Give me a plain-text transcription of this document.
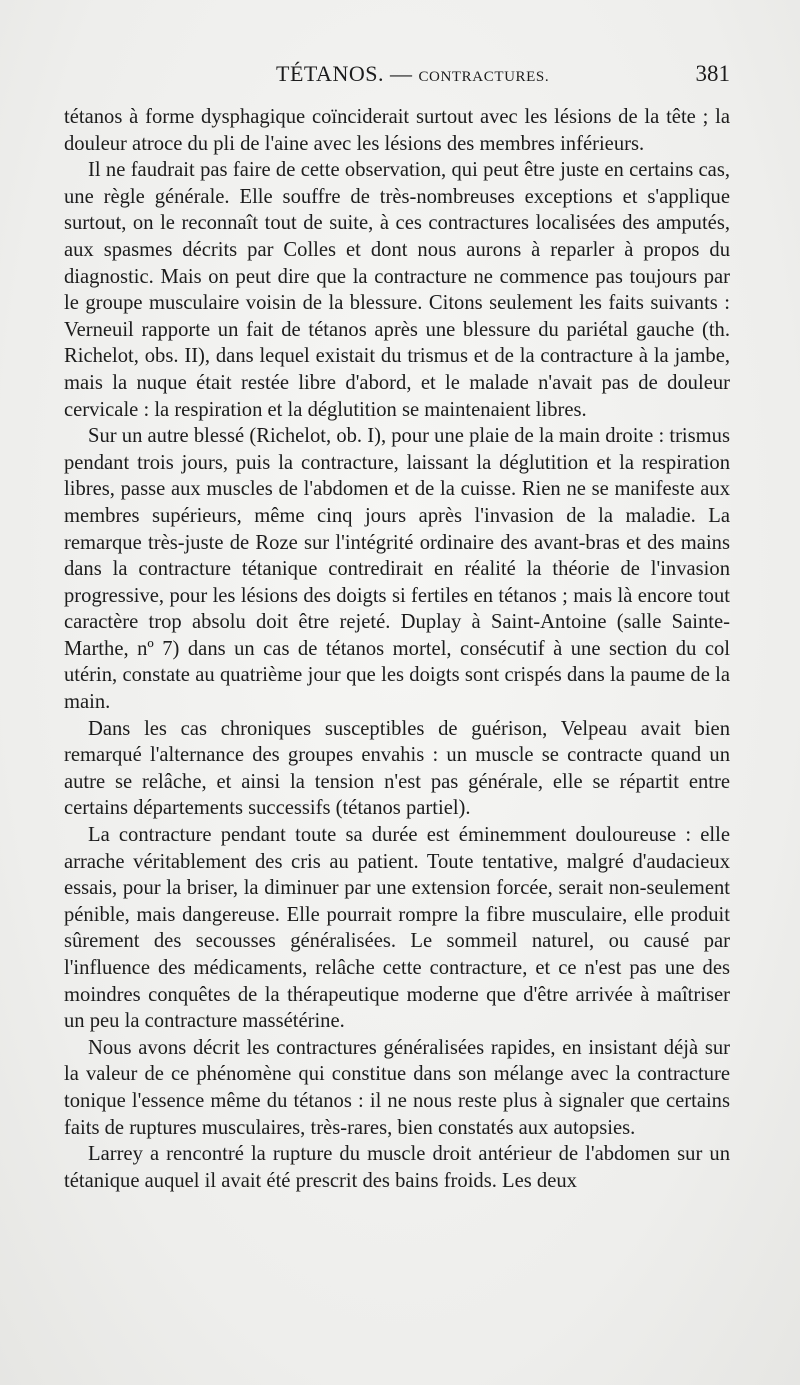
TÉTANOS. — CONTRACTURES.	381

tétanos à forme dysphagique coïnciderait surtout avec les lésions de la tête ; la douleur atroce du pli de l'aine avec les lésions des membres inférieurs.

Il ne faudrait pas faire de cette observation, qui peut être juste en certains cas, une règle générale. Elle souffre de très-nombreuses exceptions et s'applique surtout, on le reconnaît tout de suite, à ces contractures localisées des amputés, aux spasmes décrits par Colles et dont nous aurons à reparler à propos du diagnostic. Mais on peut dire que la contracture ne commence pas toujours par le groupe musculaire voisin de la blessure. Citons seulement les faits suivants : Verneuil rapporte un fait de tétanos après une blessure du pariétal gauche (th. Richelot, obs. II), dans lequel existait du trismus et de la contracture à la jambe, mais la nuque était restée libre d'abord, et le malade n'avait pas de douleur cervicale : la respiration et la déglutition se maintenaient libres.

Sur un autre blessé (Richelot, ob. I), pour une plaie de la main droite : trismus pendant trois jours, puis la contracture, laissant la déglutition et la respiration libres, passe aux muscles de l'abdomen et de la cuisse. Rien ne se manifeste aux membres supérieurs, même cinq jours après l'invasion de la maladie. La remarque très-juste de Roze sur l'intégrité ordinaire des avant-bras et des mains dans la contracture tétanique contredirait en réalité la théorie de l'invasion progressive, pour les lésions des doigts si fertiles en tétanos ; mais là encore tout caractère trop absolu doit être rejeté. Duplay à Saint-Antoine (salle Sainte-Marthe, nº 7) dans un cas de tétanos mortel, consécutif à une section du col utérin, constate au quatrième jour que les doigts sont crispés dans la paume de la main.

Dans les cas chroniques susceptibles de guérison, Velpeau avait bien remarqué l'alternance des groupes envahis : un muscle se contracte quand un autre se relâche, et ainsi la tension n'est pas générale, elle se répartit entre certains départements successifs (tétanos partiel).

La contracture pendant toute sa durée est éminemment douloureuse : elle arrache véritablement des cris au patient. Toute tentative, malgré d'audacieux essais, pour la briser, la diminuer par une extension forcée, serait non-seulement pénible, mais dangereuse. Elle pourrait rompre la fibre musculaire, elle produit sûrement des secousses généralisées. Le sommeil naturel, ou causé par l'influence des médicaments, relâche cette contracture, et ce n'est pas une des moindres conquêtes de la thérapeutique moderne que d'être arrivée à maîtriser un peu la contracture massétérine.

Nous avons décrit les contractures généralisées rapides, en insistant déjà sur la valeur de ce phénomène qui constitue dans son mélange avec la contracture tonique l'essence même du tétanos : il ne nous reste plus à signaler que certains faits de ruptures musculaires, très-rares, bien constatés aux autopsies.

Larrey a rencontré la rupture du muscle droit antérieur de l'abdomen sur un tétanique auquel il avait été prescrit des bains froids. Les deux
